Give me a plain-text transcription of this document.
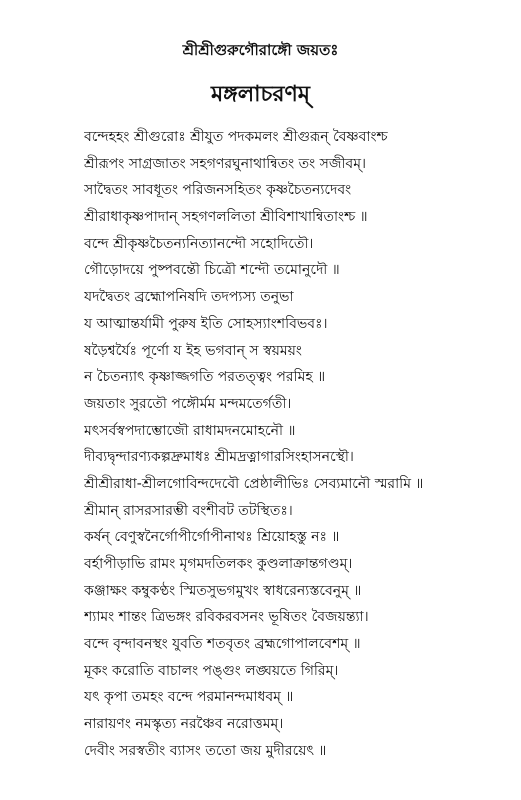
শ্রীশ্রীগুরুগৌরাঙ্গৌ জয়তঃ
মঙ্গলাচরণম্
বন্দেহহং শ্রীগুরোঃ শ্রীযুত পদকমলং শ্রীগুরূন্ বৈষ্ণবাংশ্চ
শ্রীরূপং সাগ্রজাতং সহগণরঘুনাথান্বিতং তং সজীবম্।
সাদ্বৈতং সাবধূতং পরিজনসহিতং কৃষ্ণচৈতন্যদেবং
শ্রীরাধাকৃষ্ণপাদান্ সহগণললিতা শ্রীবিশাখান্বিতাংশ্চ ॥
বন্দে শ্রীকৃষ্ণচৈতন্যনিত্যানন্দৌ সহোদিতৌ।
গৌড়োদয়ে পুষ্পবন্তৌ চিত্রৌ শন্দৌ তমোনুদৌ ॥
যদদ্বৈতং ব্রহ্মোপনিষদি তদপ্যস্য তনুভা
য আত্মান্তর্যামী পুরুষ ইতি সোহস্যাংশবিভবঃ।
ষড়ৈশ্বর্যৈঃ পূর্ণো য ইহ ভগবান্ স স্বয়ময়ং
ন চৈতন্যাৎ কৃষ্ণাজ্জগতি পরতত্ত্বং পরমিহ ॥
জয়তাং সুরতৌ পঙ্গৌর্মম মন্দমতের্গতী।
মৎসর্বস্বপদাম্ভোজৌ রাধামদনমোহনৌ ॥
দীব্যদ্বৃন্দারণ্যকল্পদ্রুমাধঃ শ্রীমদ্রত্নাগারসিংহাসনস্থৌ।
শ্রীশ্রীরাধা-শ্রীলগোবিন্দদেবৌ প্রেষ্ঠালীভিঃ সেব্যমানৌ স্মরামি ॥
শ্রীমান্ রাসরসারম্ভী বংশীবট তটস্থিতঃ।
কর্ষন্ বেণুস্বনৈর্গোপীর্গোপীনাথঃ শ্রিয়োহস্তু নঃ ॥
বর্হাপীড়াভি রামং মৃগমদতিলকং কুণ্ডলাক্রান্তগণ্ডম্।
কঞ্জাক্ষং কম্বুকণ্ঠং স্মিতসুভগমুখং স্বাধরেন্যস্তবেনুম্ ॥
শ্যামং শান্তং ত্রিভঙ্গং রবিকরবসনং ভূষিতং বৈজয়ন্ত্যা।
বন্দে বৃন্দাবনস্থং যুবতি শতবৃতং ব্রহ্মগোপালবেশম্ ॥
মূকং করোতি বাচালং পঙ্গুং লঙ্ঘয়তে গিরিম্।
যৎ কৃপা তমহং বন্দে পরমানন্দমাধবম্ ॥
নারায়ণং নমস্কৃত্য নরঞ্চৈব নরোত্তমম্।
দেবীং সরস্বতীং ব্যাসং ততো জয় মুদীরয়েৎ ॥
